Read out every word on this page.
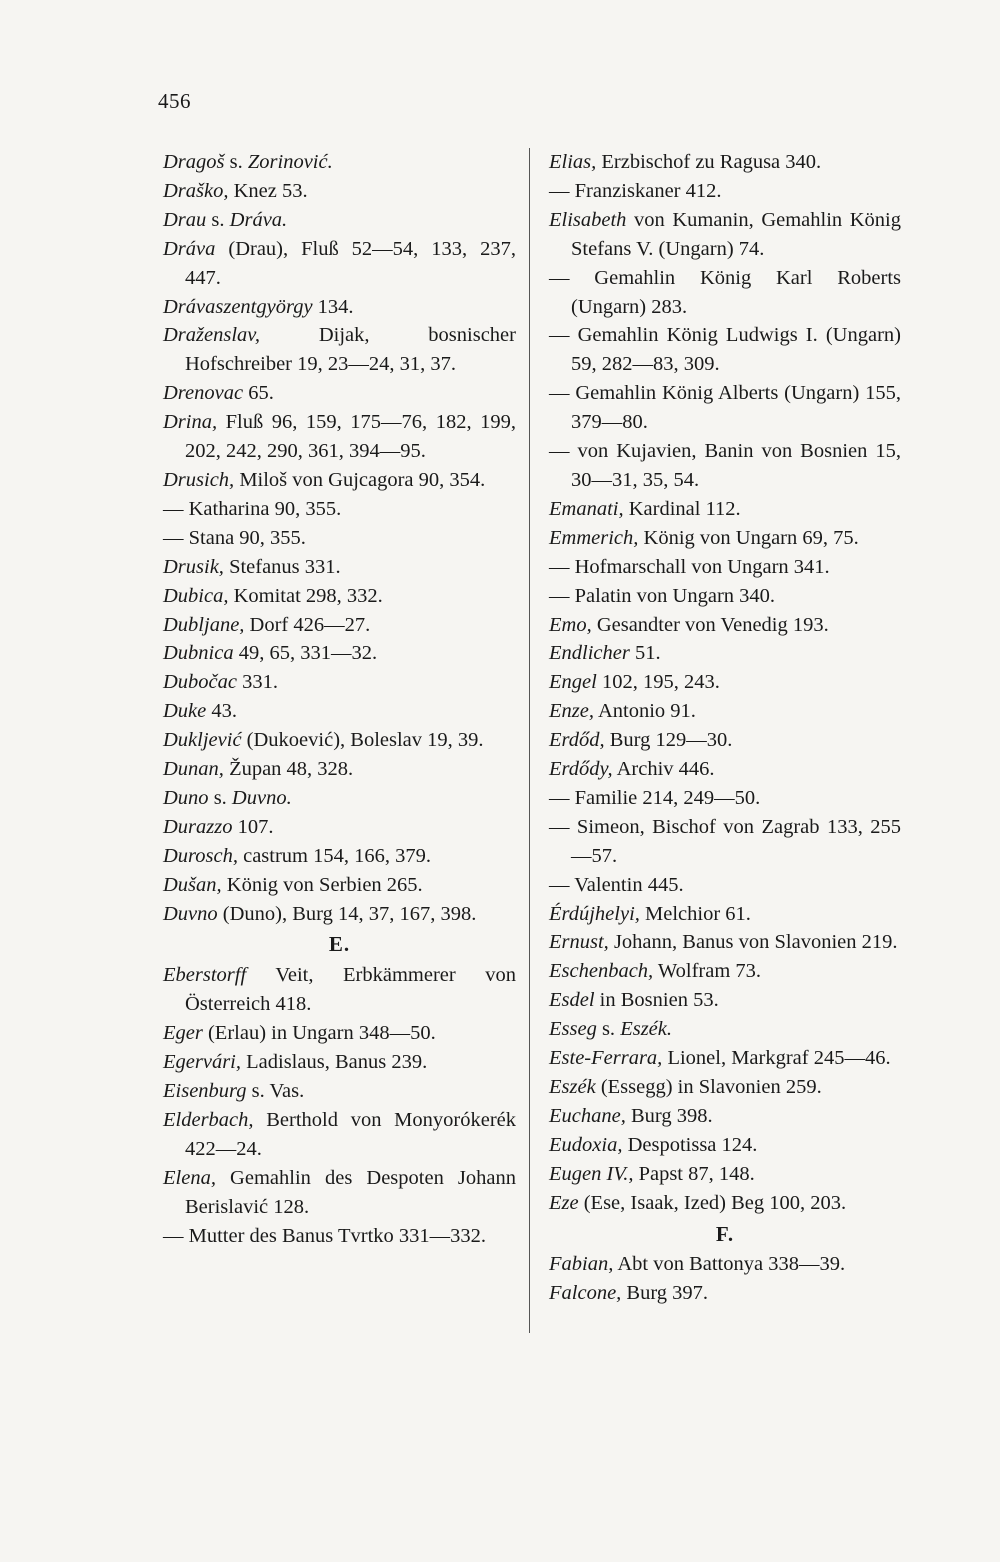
456
Dragoš s. Zorinović.
Draško, Knez 53.
Drau s. Dráva.
Dráva (Drau), Fluß 52—54, 133, 237, 447.
Drávaszentgyörgy 134.
Draženslav, Dijak, bosnischer Hofschreiber 19, 23—24, 31, 37.
Drenovac 65.
Drina, Fluß 96, 159, 175—76, 182, 199, 202, 242, 290, 361, 394—95.
Drusich, Miloš von Gujcagora 90, 354.
— Katharina 90, 355.
— Stana 90, 355.
Drusik, Stefanus 331.
Dubica, Komitat 298, 332.
Dubljane, Dorf 426—27.
Dubnica 49, 65, 331—32.
Dubočac 331.
Duke 43.
Dukljević (Dukoević), Boleslav 19, 39.
Dunan, Župan 48, 328.
Duno s. Duvno.
Durazzo 107.
Durosch, castrum 154, 166, 379.
Dušan, König von Serbien 265.
Duvno (Duno), Burg 14, 37, 167, 398.
E.
Eberstorff Veit, Erbkämmerer von Österreich 418.
Eger (Erlau) in Ungarn 348—50.
Egervári, Ladislaus, Banus 239.
Eisenburg s. Vas.
Elderbach, Berthold von Monyorókerék 422—24.
Elena, Gemahlin des Despoten Johann Berislavić 128.
— Mutter des Banus Tvrtko 331—332.
Elias, Erzbischof zu Ragusa 340.
— Franziskaner 412.
Elisabeth von Kumanin, Gemahlin König Stefans V. (Ungarn) 74.
— Gemahlin König Karl Roberts (Ungarn) 283.
— Gemahlin König Ludwigs I. (Ungarn) 59, 282—83, 309.
— Gemahlin König Alberts (Ungarn) 155, 379—80.
— von Kujavien, Banin von Bosnien 15, 30—31, 35, 54.
Emanati, Kardinal 112.
Emmerich, König von Ungarn 69, 75.
— Hofmarschall von Ungarn 341.
— Palatin von Ungarn 340.
Emo, Gesandter von Venedig 193.
Endlicher 51.
Engel 102, 195, 243.
Enze, Antonio 91.
Erdőd, Burg 129—30.
Erdődy, Archiv 446.
— Familie 214, 249—50.
— Simeon, Bischof von Zagrab 133, 255—57.
— Valentin 445.
Érdújhelyi, Melchior 61.
Ernust, Johann, Banus von Slavonien 219.
Eschenbach, Wolfram 73.
Esdel in Bosnien 53.
Esseg s. Eszék.
Este-Ferrara, Lionel, Markgraf 245—46.
Eszék (Essegg) in Slavonien 259.
Euchane, Burg 398.
Eudoxia, Despotissa 124.
Eugen IV., Papst 87, 148.
Eze (Ese, Isaak, Ized) Beg 100, 203.
F.
Fabian, Abt von Battonya 338—39.
Falcone, Burg 397.
